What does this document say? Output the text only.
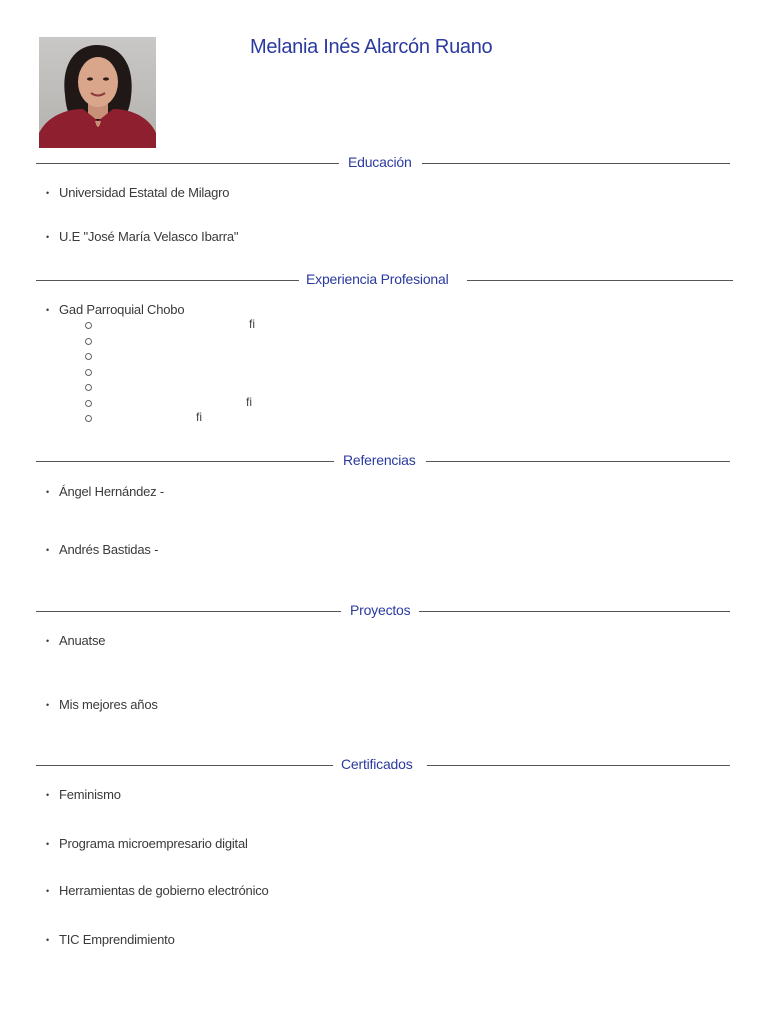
Melania Inés Alarcón Ruano
Educación
• Universidad Estatal de Milagro
• U.E "José María Velasco Ibarra"
Experiencia Profesional
• Gad Parroquial Chobo
fi
fi
fi
Referencias
• Ángel Hernández -
• Andrés Bastidas -
Proyectos
• Anuatse
• Mis mejores años
Certificados
• Feminismo
• Programa microempresario digital
• Herramientas de gobierno electrónico
• TIC Emprendimiento
